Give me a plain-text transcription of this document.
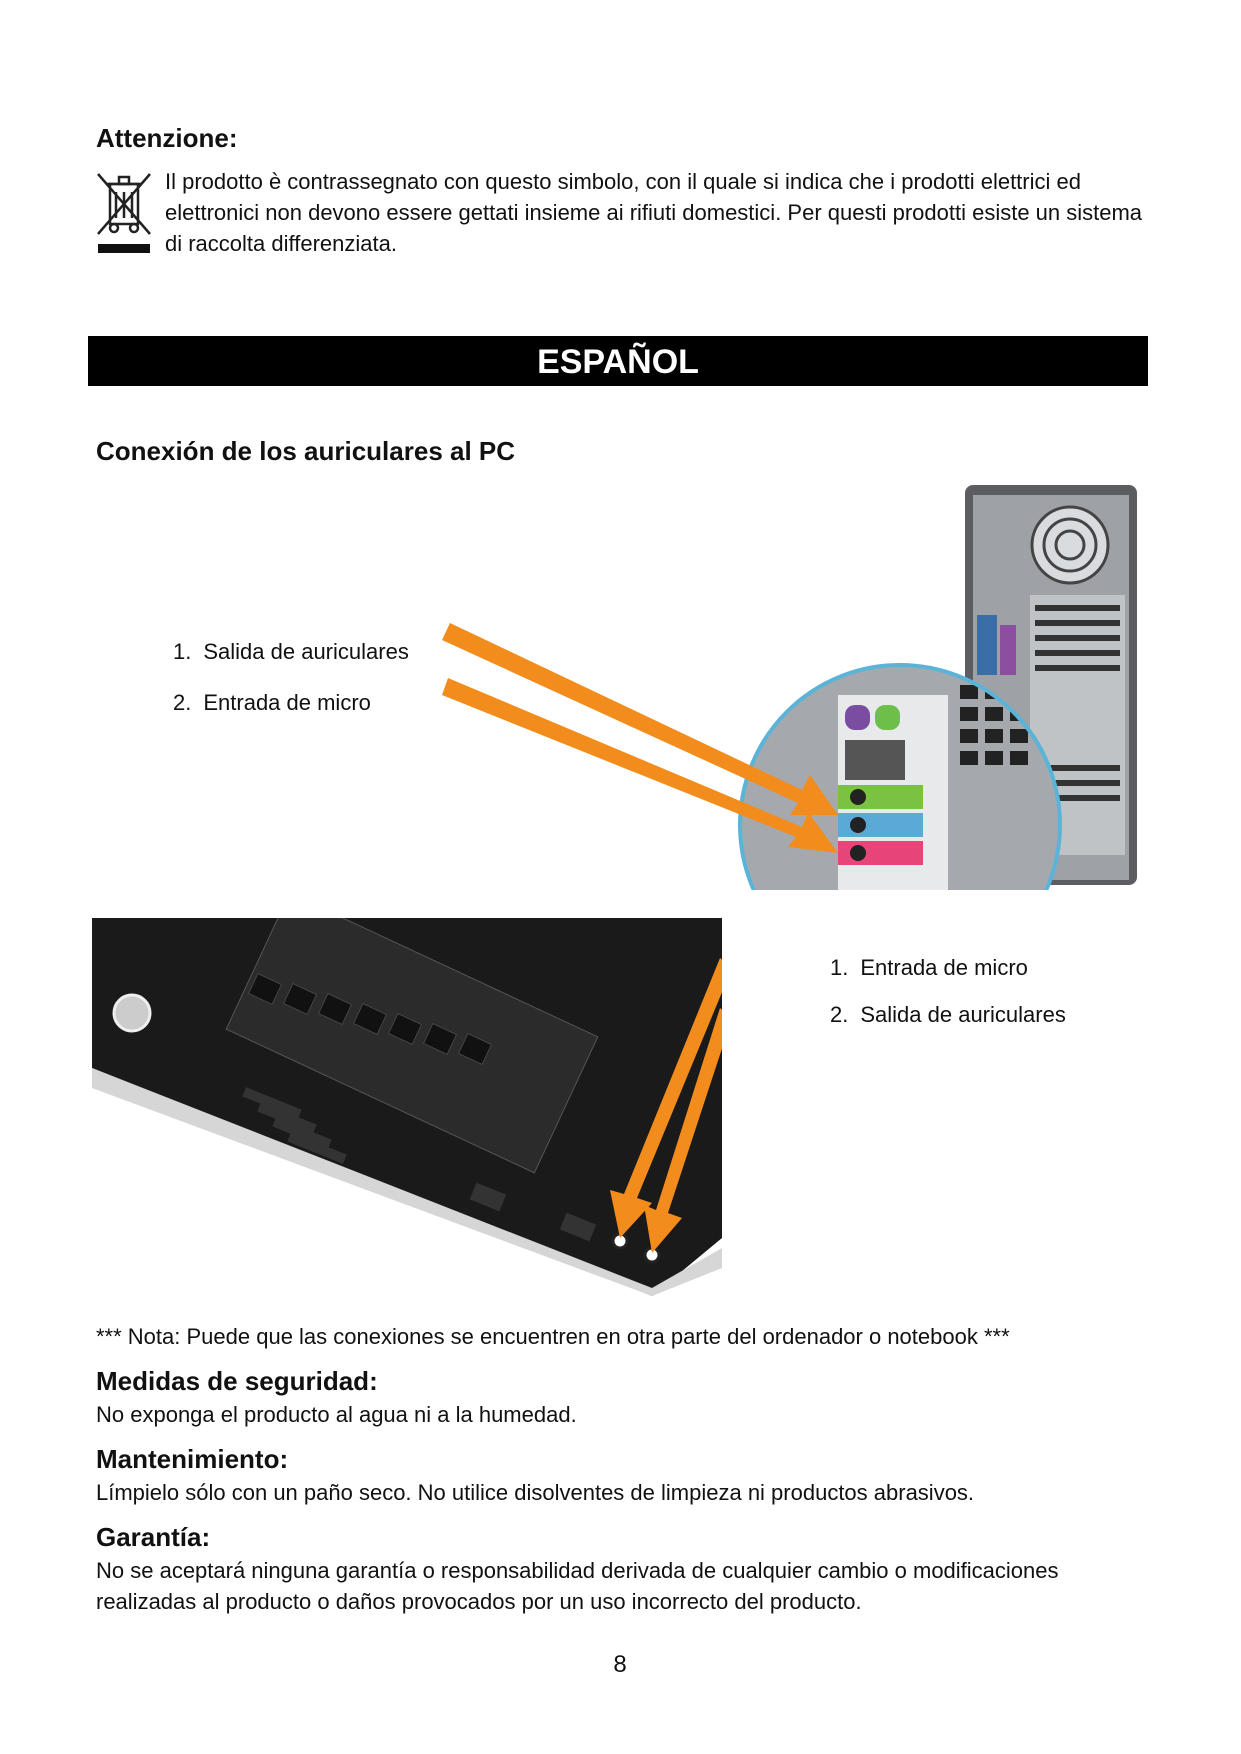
Attenzione:
Il prodotto è contrassegnato con questo simbolo, con il quale si indica che i prodotti elettrici ed elettronici non devono essere gettati insieme ai rifiuti domestici. Per questi prodotti esiste un sistema di raccolta differenziata.
ESPAÑOL
Conexión de los auriculares al PC
1. Salida de auriculares
2. Entrada de micro
1. Entrada de micro
2. Salida de auriculares
*** Nota: Puede que las conexiones se encuentren en otra parte del ordenador o notebook ***
Medidas de seguridad:
No exponga el producto al agua ni a la humedad.
Mantenimiento:
Límpielo sólo con un paño seco. No utilice disolventes de limpieza ni productos abrasivos.
Garantía:
No se aceptará ninguna garantía o responsabilidad derivada de cualquier cambio o modificaciones realizadas al producto o daños provocados por un uso incorrecto del producto.
8
